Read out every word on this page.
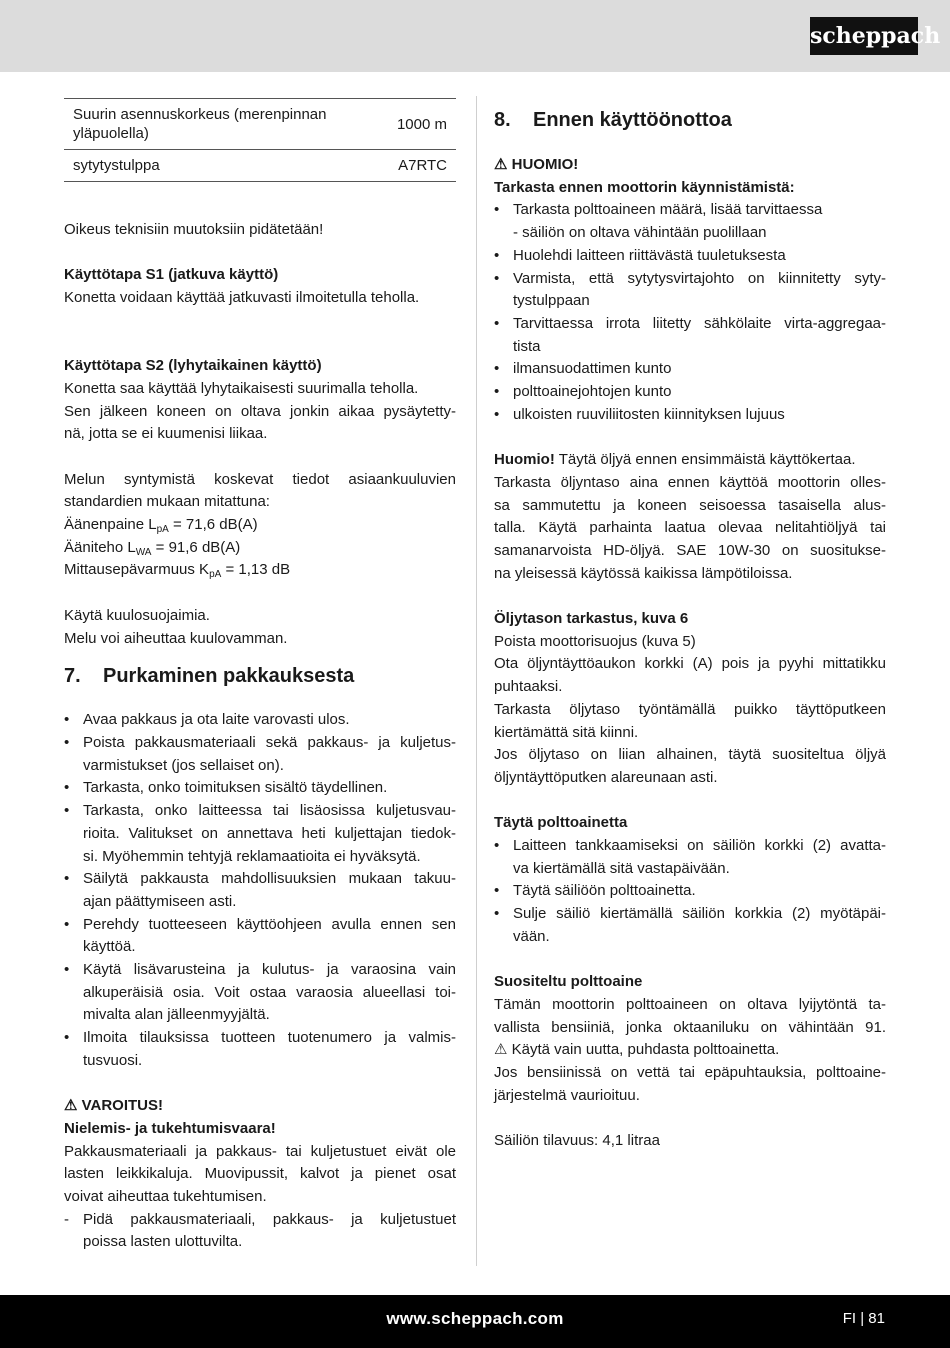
scheppach
Suurin asennuskorkeus (merenpinnan yläpuolella)	1000 m
sytytystulppa	A7RTC
Oikeus teknisiin muutoksiin pidätetään!
Käyttötapa S1 (jatkuva käyttö)
Konetta voidaan käyttää jatkuvasti ilmoitetulla teholla.
Käyttötapa S2 (lyhytaikainen käyttö)
Konetta saa käyttää lyhytaikaisesti suurimalla teholla.
Sen jälkeen koneen on oltava jonkin aikaa pysäytetty-
nä, jotta se ei kuumenisi liikaa.
Melun syntymistä koskevat tiedot asiaankuuluvien
standardien mukaan mitattuna:
Äänenpaine $L_{pA} = 71,6$ dB(A)
Ääniteho $L_{WA} = 91,6$ dB(A)
Mittausepävarmuus $K_{pA} = 1,13$ dB
Käytä kuulosuojaimia.
Melu voi aiheuttaa kuulovamman.
7.	Purkaminen pakkauksesta
• Avaa pakkaus ja ota laite varovasti ulos.
• Poista pakkausmateriaali sekä pakkaus- ja kuljetus-
varmistukset (jos sellaiset on).
• Tarkasta, onko toimituksen sisältö täydellinen.
• Tarkasta, onko laitteessa tai lisäosissa kuljetusvau-
rioita. Valitukset on annettava heti kuljettajan tiedok-
si. Myöhemmin tehtyjä reklamaatioita ei hyväksytä.
• Säilytä pakkausta mahdollisuuksien mukaan takuu-
ajan päättymiseen asti.
• Perehdy tuotteeseen käyttöohjeen avulla ennen sen
käyttöä.
• Käytä lisävarusteina ja kulutus- ja varaosina vain
alkuperäisiä osia. Voit ostaa varaosia alueellasi toi-
mivalta alan jälleenmyyjältä.
• Ilmoita tilauksissa tuotteen tuotenumero ja valmis-
tusvuosi.
⚠ VAROITUS!
Nielemis- ja tukehtumisvaara!
Pakkausmateriaali ja pakkaus- tai kuljetustuet eivät ole
lasten leikkikaluja. Muovipussit, kalvot ja pienet osat
voivat aiheuttaa tukehtumisen.
- Pidä pakkausmateriaali, pakkaus- ja kuljetustuet
poissa lasten ulottuvilta.
8.	Ennen käyttöönottoa
⚠ HUOMIO!
Tarkasta ennen moottorin käynnistämistä:
• Tarkasta polttoaineen määrä, lisää tarvittaessa
- säiliön on oltava vähintään puolillaan
• Huolehdi laitteen riittävästä tuuletuksesta
• Varmista, että sytytysvirtajohto on kiinnitetty syty-
tystulppaan
• Tarvittaessa irrota liitetty sähkölaite virta-aggregaa-
tista
• ilmansuodattimen kunto
• polttoainejohtojen kunto
• ulkoisten ruuviliitosten kiinnityksen lujuus
Huomio! Täytä öljyä ennen ensimmäistä käyttökertaa.
Tarkasta öljyntaso aina ennen käyttöä moottorin olles-
sa sammutettu ja koneen seisoessa tasaisella alus-
talla. Käytä parhainta laatua olevaa nelitahtiöljyä tai
samanarvoista HD-öljyä. SAE 10W-30 on suositukse-
na yleisessä käytössä kaikissa lämpötiloissa.
Öljytason tarkastus, kuva 6
Poista moottorisuojus (kuva 5)
Ota öljyntäyttöaukon korkki (A) pois ja pyyhi mittatikku
puhtaaksi.
Tarkasta öljytaso työntämällä puikko täyttöputkeen
kiertämättä sitä kiinni.
Jos öljytaso on liian alhainen, täytä suositeltua öljyä
öljyntäyttöputken alareunaan asti.
Täytä polttoainetta
• Laitteen tankkaamiseksi on säiliön korkki (2) avatta-
va kiertämällä sitä vastapäivään.
• Täytä säiliöön polttoainetta.
• Sulje säiliö kiertämällä säiliön korkkia (2) myötäpäi-
vään.
Suositeltu polttoaine
Tämän moottorin polttoaineen on oltava lyijytöntä ta-
vallista bensiiniä, jonka oktaaniluku on vähintään 91.
⚠ Käytä vain uutta, puhdasta polttoainetta.
Jos bensiinissä on vettä tai epäpuhtauksia, polttoaine-
järjestelmä vaurioituu.
Säiliön tilavuus: 4,1 litraa
www.scheppach.com	FI | 81
